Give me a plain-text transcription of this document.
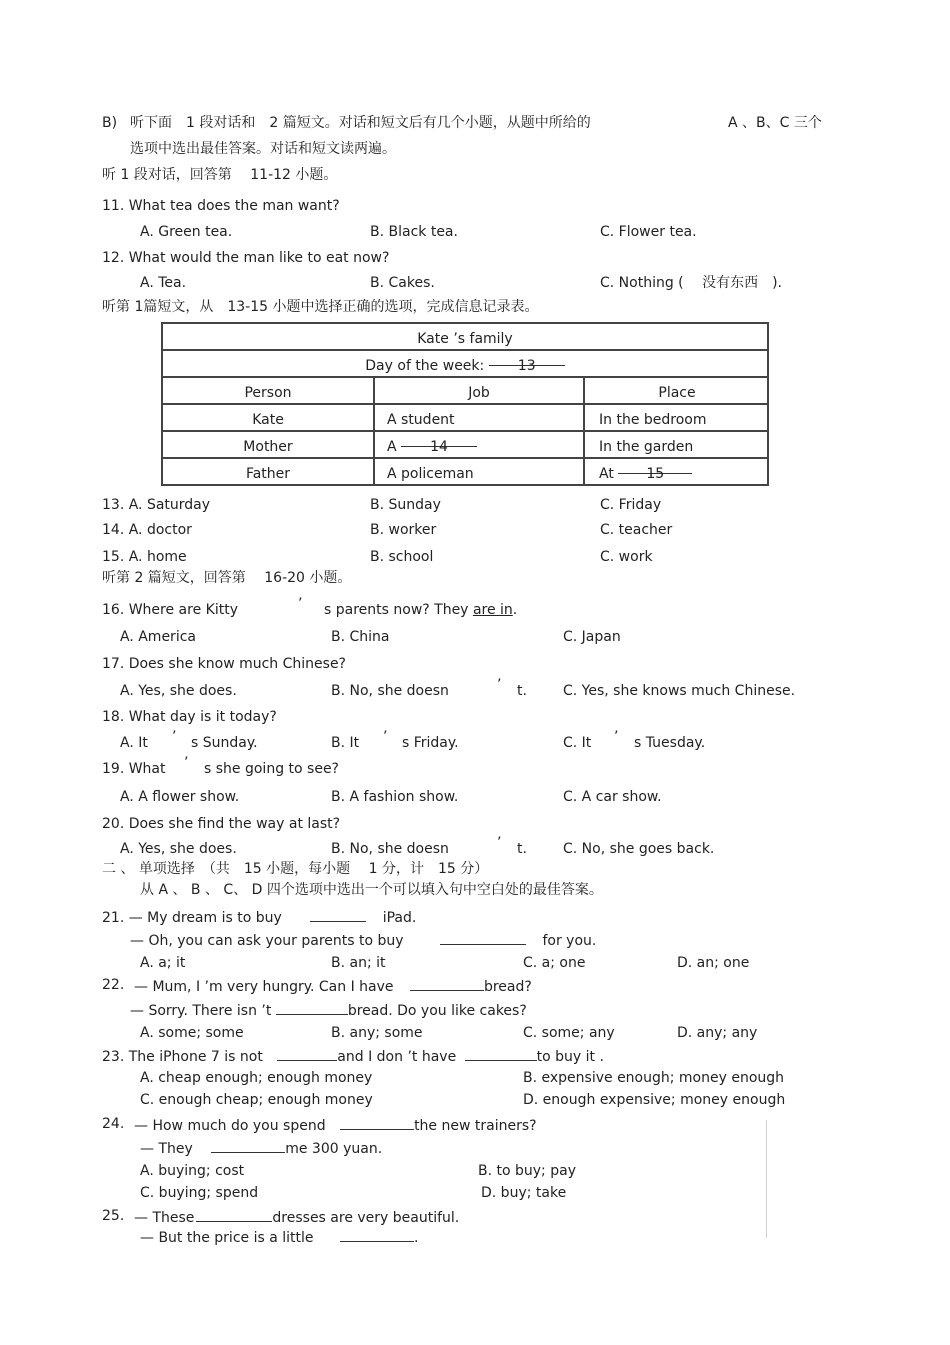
B) 听下面　1 段对话和　2 篇短文。对话和短文后有几个小题，从题中所给的	A 、B、C 三个
选项中选出最佳答案。对话和短文读两遍。
听 1 段对话，回答第　 11-12 小题。
11. What tea does the man want?
A. Green tea.	B. Black tea.	C. Flower tea.
12. What would the man like to eat now?
A. Tea.	B. Cakes.	C. Nothing (　 没有东西　).
听第 1篇短文，从　13-15 小题中选择正确的选项，完成信息记录表。
Kate ’s family
Day of the week: 13
Person	Job	Place
Kate	A student	In the bedroom
Mother	A 14	In the garden
Father	A policeman	At 15
13. A. Saturday	B. Sunday	C. Friday
14. A. doctor	B. worker	C. teacher
15. A. home	B. school	C. work
听第 2 篇短文，回答第　 16-20 小题。
16. Where are Kitty	’ s parents now? They are in.
A. America	B. China	C. Japan
17. Does she know much Chinese?
A. Yes, she does.	B. No, she doesn	’ t.	C. Yes, she knows much Chinese.
18. What day is it today?
A. It ’ s Sunday.	B. It ’ s Friday.	C. It ’ s Tuesday.
19. What ’ s she going to see?
A. A flower show.	B. A fashion show.	C. A car show.
20. Does she find the way at last?
A. Yes, she does.	B. No, she doesn	’ t.	C. No, she goes back.
二 、 单项选择　（共　15 小题，每小题　 1 分，计　15 分）
从 A 、 B 、 C、 D 四个选项中选出一个可以填入句中空白处的最佳答案。
21. — My dream is to buy	iPad.
— Oh, you can ask your parents to buy	for you.
A. a; it	B. an; it	C. a; one	D. an; one
22. — Mum, I ’m very hungry. Can I have	bread?
— Sorry. There isn ’t	bread. Do you like cakes?
A. some; some	B. any; some	C. some; any	D. any; any
23. The iPhone 7 is not	and I don ’t have	to buy it .
A. cheap enough; enough money	B. expensive enough; money enough
C. enough cheap; enough money	D. enough expensive; money enough
24. — How much do you spend	the new trainers?
— They	me 300 yuan.
A. buying; cost	B. to buy; pay
C. buying; spend	D. buy; take
25. — These	dresses are very beautiful.
— But the price is a little	.
